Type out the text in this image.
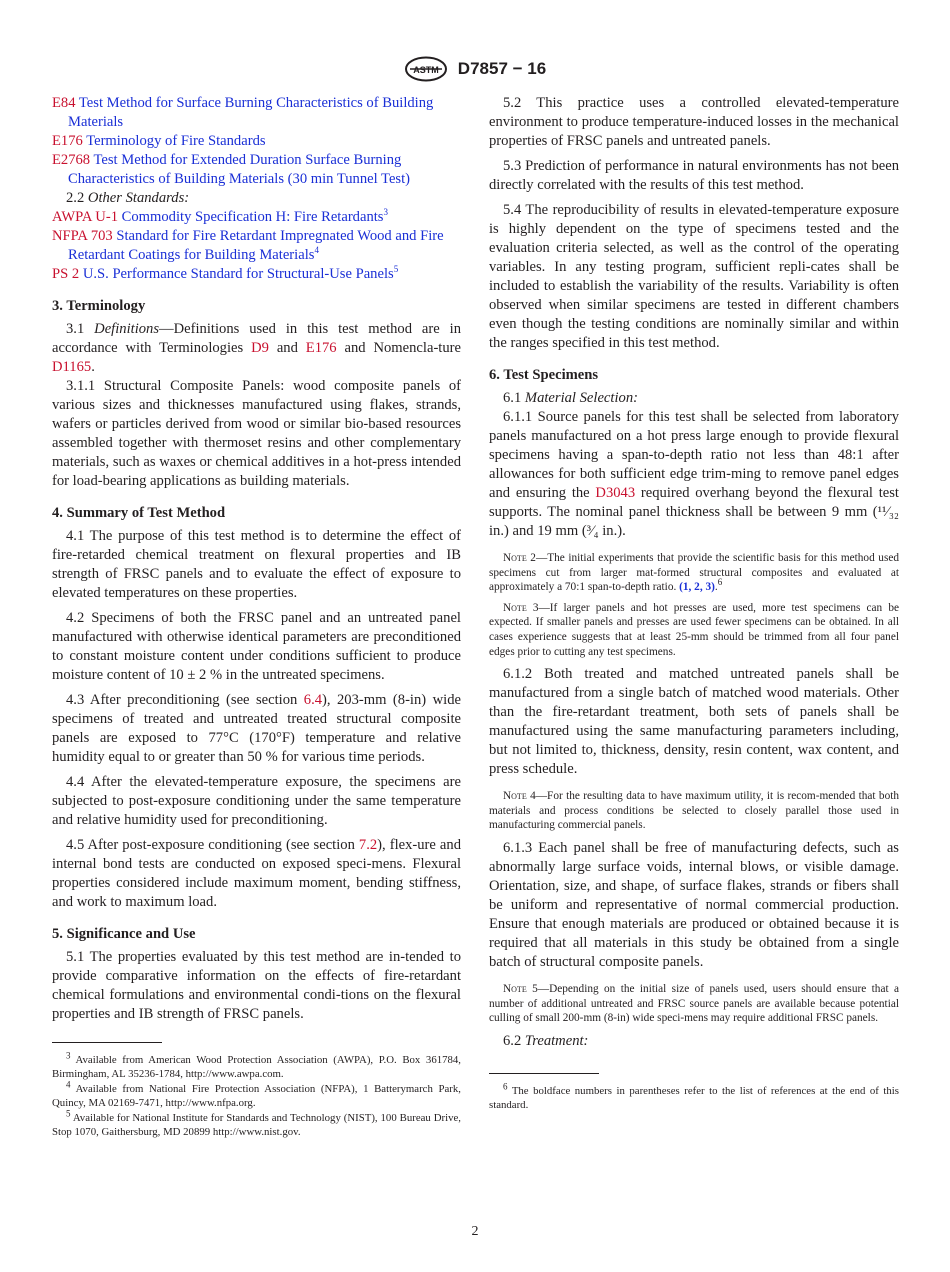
ASTM D7857 − 16

E84 Test Method for Surface Burning Characteristics of Building Materials

E176 Terminology of Fire Standards

E2768 Test Method for Extended Duration Surface Burning Characteristics of Building Materials (30 min Tunnel Test)

2.2 Other Standards:

AWPA U-1 Commodity Specification H: Fire Retardants$^3$

NFPA 703 Standard for Fire Retardant Impregnated Wood and Fire Retardant Coatings for Building Materials$^4$

PS 2 U.S. Performance Standard for Structural-Use Panels$^5$

3. Terminology

3.1 Definitions—Definitions used in this test method are in accordance with Terminologies D9 and E176 and Nomencla-ture D1165.

3.1.1 Structural Composite Panels: wood composite panels of various sizes and thicknesses manufactured using flakes, strands, wafers or particles derived from wood or similar bio-based resources assembled together with thermoset resins and other complementary materials, such as waxes or chemical additives in a hot-press intended for load-bearing applications as building materials.

4. Summary of Test Method

4.1 The purpose of this test method is to determine the effect of fire-retarded chemical treatment on flexural properties and IB strength of FRSC panels and to evaluate the effect of exposure to elevated temperatures on these properties.

4.2 Specimens of both the FRSC panel and an untreated panel manufactured with otherwise identical parameters are preconditioned to constant moisture content under conditions sufficient to produce moisture content of 10 ± 2 % in the untreated specimens.

4.3 After preconditioning (see section 6.4), 203-mm (8-in) wide specimens of treated and untreated treated structural composite panels are exposed to 77°C (170°F) temperature and relative humidity equal to or greater than 50 % for various time periods.

4.4 After the elevated-temperature exposure, the specimens are subjected to post-exposure conditioning under the same temperature and relative humidity used for preconditioning.

4.5 After post-exposure conditioning (see section 7.2), flex-ure and internal bond tests are conducted on exposed speci-mens. Flexural properties considered include maximum moment, bending stiffness, and work to maximum load.

5. Significance and Use

5.1 The properties evaluated by this test method are in-tended to provide comparative information on the effects of fire-retardant chemical formulations and environmental condi-tions on the flexural properties and IB strength of FRSC panels.

$^3$ Available from American Wood Protection Association (AWPA), P.O. Box 361784, Birmingham, AL 35236-1784, http://www.awpa.com.

$^4$ Available from National Fire Protection Association (NFPA), 1 Batterymarch Park, Quincy, MA 02169-7471, http://www.nfpa.org.

$^5$ Available for National Institute for Standards and Technology (NIST), 100 Bureau Drive, Stop 1070, Gaithersburg, MD 20899 http://www.nist.gov.

5.2 This practice uses a controlled elevated-temperature environment to produce temperature-induced losses in the mechanical properties of FRSC panels and untreated panels.

5.3 Prediction of performance in natural environments has not been directly correlated with the results of this test method.

5.4 The reproducibility of results in elevated-temperature exposure is highly dependent on the type of specimens tested and the evaluation criteria selected, as well as the control of the operating variables. In any testing program, sufficient repli-cates shall be included to establish the variability of the results. Variability is often observed when similar specimens are tested in different chambers even though the testing conditions are nominally similar and within the ranges specified in this test method.

6. Test Specimens

6.1 Material Selection:

6.1.1 Source panels for this test shall be selected from laboratory panels manufactured on a hot press large enough to provide flexural specimens having a span-to-depth ratio not less than 48:1 after allowances for both sufficient edge trim-ming to remove panel edges and ensuring the D3043 required overhang beyond the flexural test supports. The nominal panel thickness shall be between 9 mm (¹¹⁄₃₂ in.) and 19 mm (³⁄₄ in.).

Note 2—The initial experiments that provide the scientific basis for this method used specimens cut from larger mat-formed structural composites and evaluated at approximately a 70:1 span-to-depth ratio. (1, 2, 3).$^6$

Note 3—If larger panels and hot presses are used, more test specimens can be expected. If smaller panels and presses are used fewer specimens can be obtained. In all cases experience suggests that at least 25-mm should be trimmed from all four panel edges prior to cutting any test specimens.

6.1.2 Both treated and matched untreated panels shall be manufactured from a single batch of matched wood materials. Other than the fire-retardant treatment, both sets of panels shall be manufactured using the same manufacturing parameters including, but not limited to, thickness, density, resin content, wax content, and press schedule.

Note 4—For the resulting data to have maximum utility, it is recom-mended that both materials and process conditions be selected to closely parallel those used in manufacturing commercial panels.

6.1.3 Each panel shall be free of manufacturing defects, such as abnormally large surface voids, internal blows, or visible damage. Orientation, size, and shape, of surface flakes, strands or fibers shall be uniform and representative of normal commercial production. Ensure that enough materials are produced or obtained because it is required that all materials in this study be obtained from a single batch of structural composite panels.

Note 5—Depending on the initial size of panels used, users should ensure that a number of additional untreated and FRSC source panels are available because potential culling of small 200-mm (8-in) wide speci-mens may require additional FRSC panels.

6.2 Treatment:

$^6$ The boldface numbers in parentheses refer to the list of references at the end of this standard.

2
